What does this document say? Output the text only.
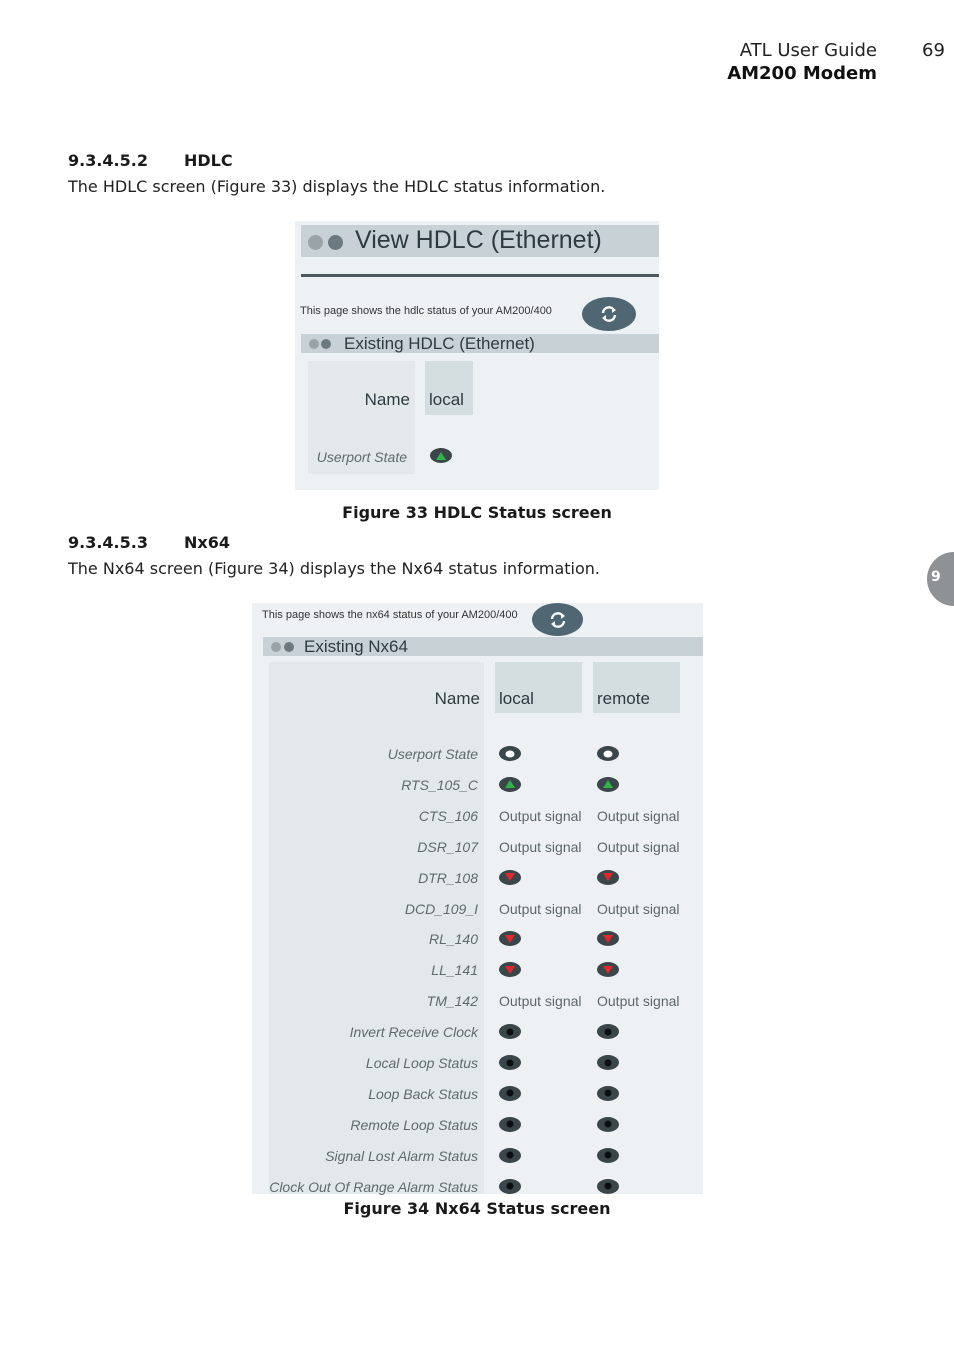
ATL User Guide
AM200 Modem
69
9
9.3.4.5.2 HDLC
The HDLC screen (Figure 33) displays the HDLC status information.
View HDLC (Ethernet)
This page shows the hdlc status of your AM200/400
Existing HDLC (Ethernet)
Name local
Userport State
Figure 33 HDLC Status screen
9.3.4.5.3 Nx64
The Nx64 screen (Figure 34) displays the Nx64 status information.
This page shows the nx64 status of your AM200/400
Existing Nx64
Name local	remote
Userport State
RTS_105_C
CTS_106 Output signal Output signal
DSR_107 Output signal Output signal
DTR_108
DCD_109_I Output signal Output signal
RL_140
LL_141
TM_142 Output signal Output signal
Invert Receive Clock
Local Loop Status
Loop Back Status
Remote Loop Status
Signal Lost Alarm Status
Clock Out Of Range Alarm Status
Figure 34 Nx64 Status screen
